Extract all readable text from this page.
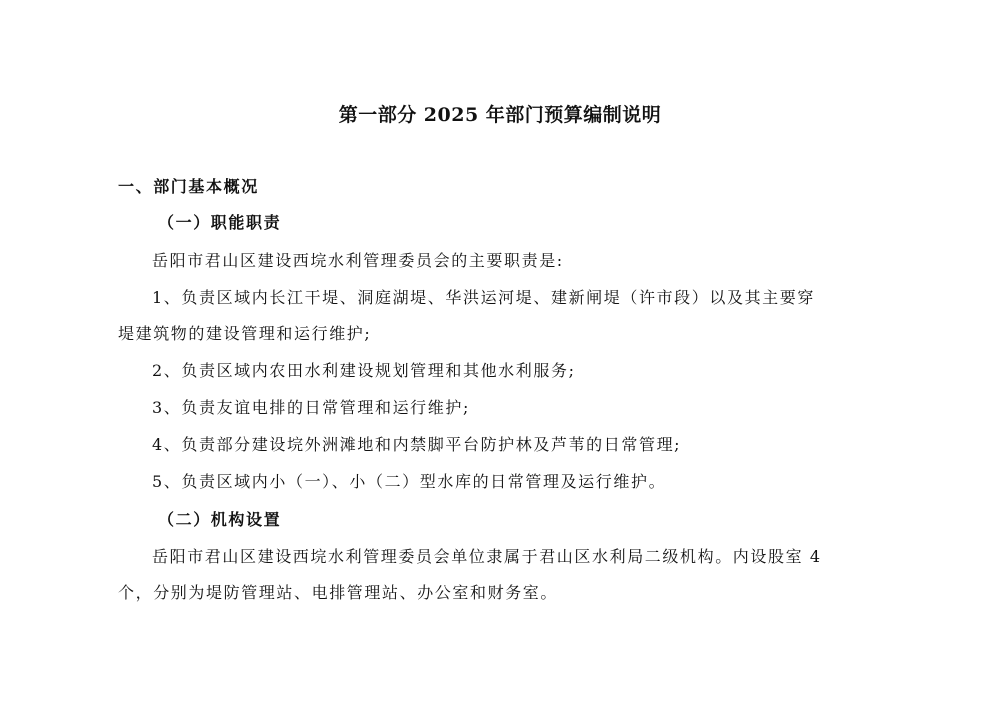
第一部分 2025 年部门预算编制说明
一、部门基本概况
（一）职能职责
岳阳市君山区建设西垸水利管理委员会的主要职责是:
1、负责区域内长江干堤、洞庭湖堤、华洪运河堤、建新闸堤（许市段）以及其主要穿
堤建筑物的建设管理和运行维护;
2、负责区域内农田水利建设规划管理和其他水利服务;
3、负责友谊电排的日常管理和运行维护;
4、负责部分建设垸外洲滩地和内禁脚平台防护林及芦苇的日常管理;
5、负责区域内小（一）、小（二）型水库的日常管理及运行维护。
（二）机构设置
岳阳市君山区建设西垸水利管理委员会单位隶属于君山区水利局二级机构。内设股室 4
个，分别为堤防管理站、电排管理站、办公室和财务室。
